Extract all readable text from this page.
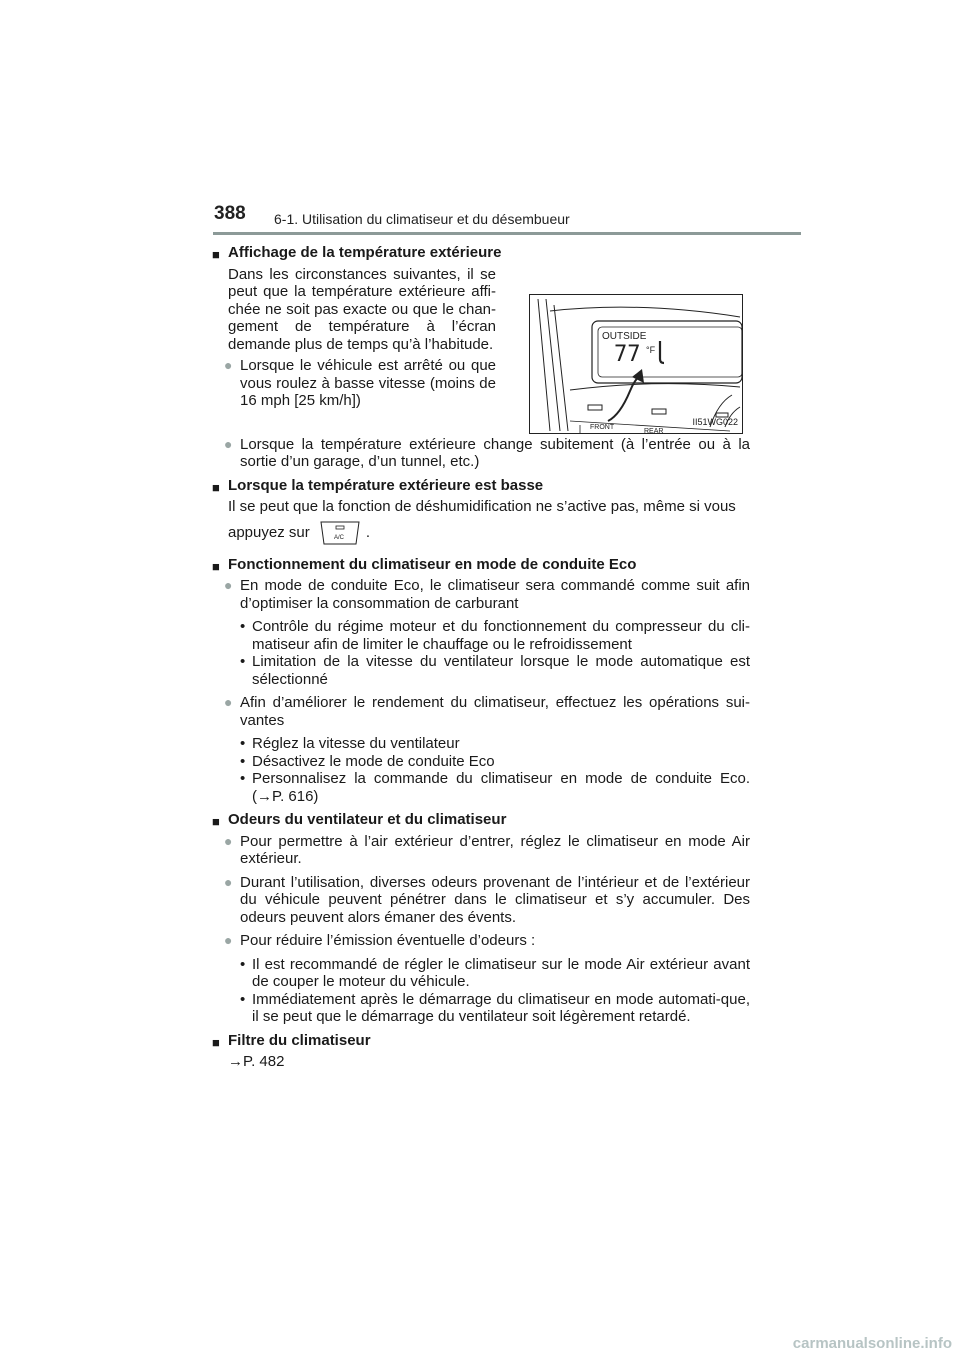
388 6-1. Utilisation du climatiseur et du désembueur
■ Affichage de la température extérieure
Dans les circonstances suivantes, il se peut que la température extérieure affi-chée ne soit pas exacte ou que le chan-gement de température à l’écran demande plus de temps qu’à l’habitude.
● Lorsque le véhicule est arrêté ou que vous roulez à basse vitesse (moins de 16 mph [25 km/h])
OUTSIDE
77 °F
FRONT
REAR
II51WG022
● Lorsque la température extérieure change subitement (à l’entrée ou à la sortie d’un garage, d’un tunnel, etc.)
■ Lorsque la température extérieure est basse
Il se peut que la fonction de déshumidification ne s’active pas, même si vous
appuyez sur	A/C .
■ Fonctionnement du climatiseur en mode de conduite Eco
● En mode de conduite Eco, le climatiseur sera commandé comme suit afin d’optimiser la consommation de carburant
• Contrôle du régime moteur et du fonctionnement du compresseur du cli-matiseur afin de limiter le chauffage ou le refroidissement
• Limitation de la vitesse du ventilateur lorsque le mode automatique est sélectionné
● Afin d’améliorer le rendement du climatiseur, effectuez les opérations sui-vantes
• Réglez la vitesse du ventilateur
• Désactivez le mode de conduite Eco
• Personnalisez la commande du climatiseur en mode de conduite Eco. (→P. 616)
■ Odeurs du ventilateur et du climatiseur
● Pour permettre à l’air extérieur d’entrer, réglez le climatiseur en mode Air extérieur.
● Durant l’utilisation, diverses odeurs provenant de l’intérieur et de l’extérieur du véhicule peuvent pénétrer dans le climatiseur et s’y accumuler. Des odeurs peuvent alors émaner des évents.
● Pour réduire l’émission éventuelle d’odeurs :
• Il est recommandé de régler le climatiseur sur le mode Air extérieur avant de couper le moteur du véhicule.
• Immédiatement après le démarrage du climatiseur en mode automati-que, il se peut que le démarrage du ventilateur soit légèrement retardé.
■ Filtre du climatiseur
→P. 482
carmanualsonline.info
